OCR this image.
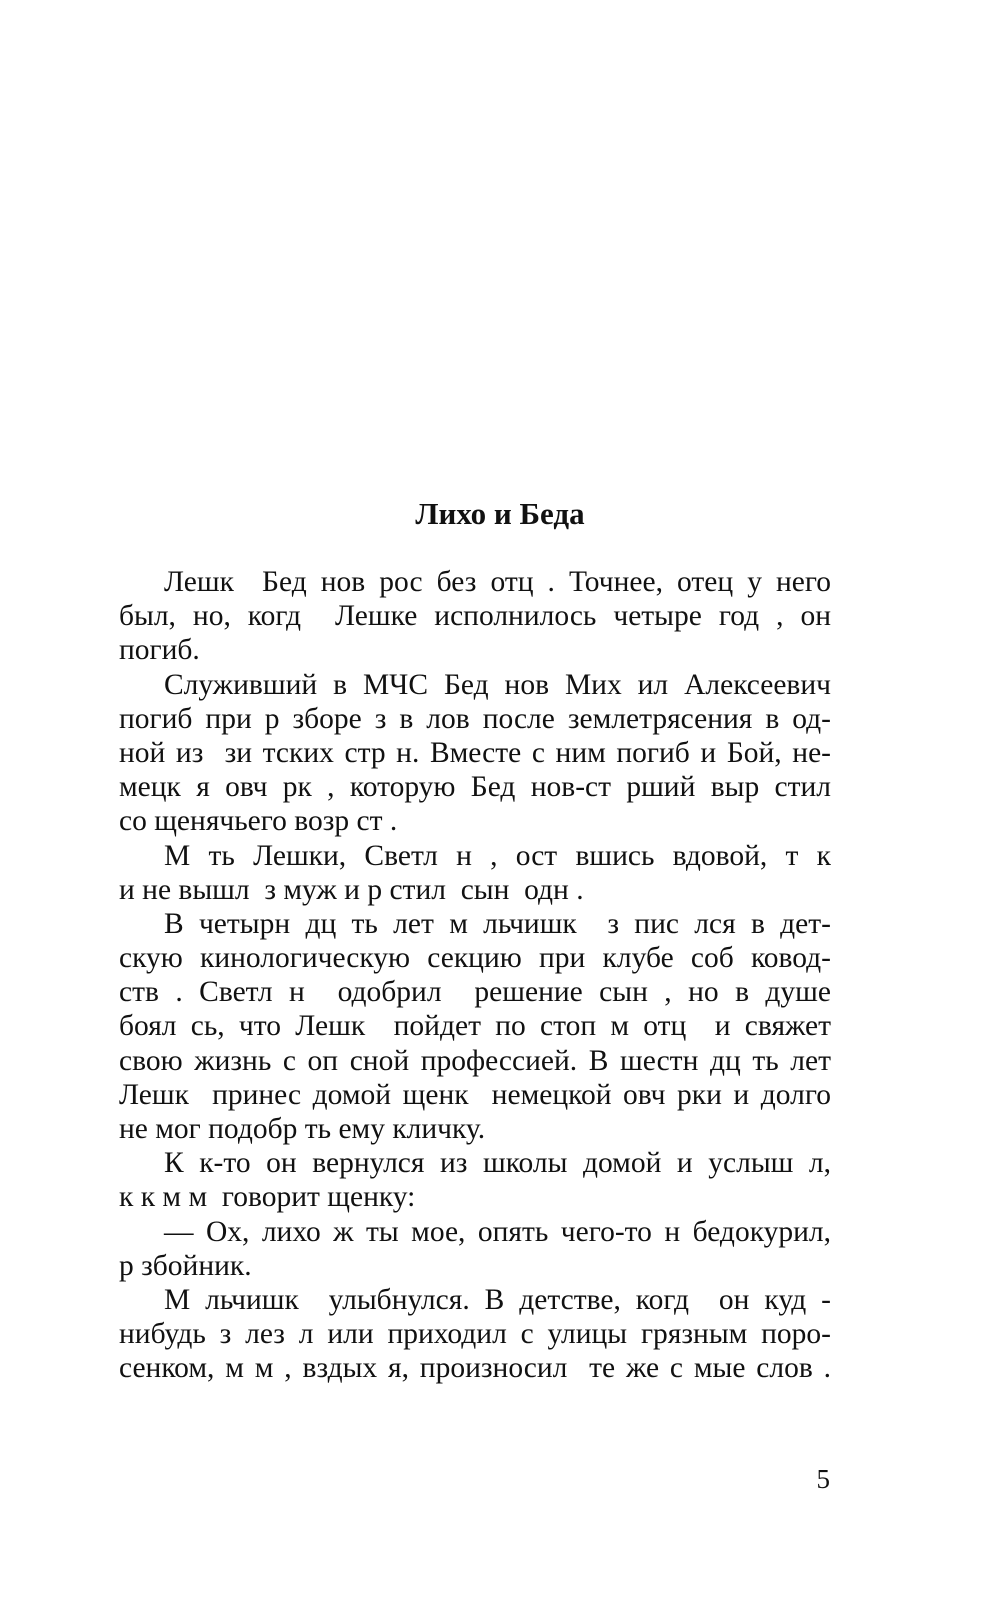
Лихо и Беда
Лешк  Бед нов рос без отц . Точнее, отец у него
был, но, когд  Лешке исполнилось четыре год , он
погиб.
Служивший в МЧС Бед нов Мих ил Алексеевич
погиб при р зборе з в лов после землетрясения в од-
ной из  зи тских стр н. Вместе с ним погиб и Бой, не-
мецк я овч рк , которую Бед нов-ст рший выр стил
со щенячьего возр ст .
М ть Лешки, Светл н , ост вшись вдовой, т к
и не вышл  з муж и р стил  сын  одн .
В четырн дц ть лет м льчишк  з пис лся в дет-
скую кинологическую секцию при клубе соб ковод-
ств . Светл н  одобрил  решение сын , но в душе
боял сь, что Лешк  пойдет по стоп м отц  и свяжет
свою жизнь с оп сной профессией. В шестн дц ть лет
Лешк  принес домой щенк  немецкой овч рки и долго
не мог подобр ть ему кличку.
К к-то он вернулся из школы домой и услыш л,
к к м м  говорит щенку:
— Ох, лихо ж ты мое, опять чего-то н бедокурил,
р збойник.
М льчишк  улыбнулся. В детстве, когд  он куд -
нибудь з лез л или приходил с улицы грязным поро-
сенком, м м , вздых я, произносил  те же с мые слов .
5
